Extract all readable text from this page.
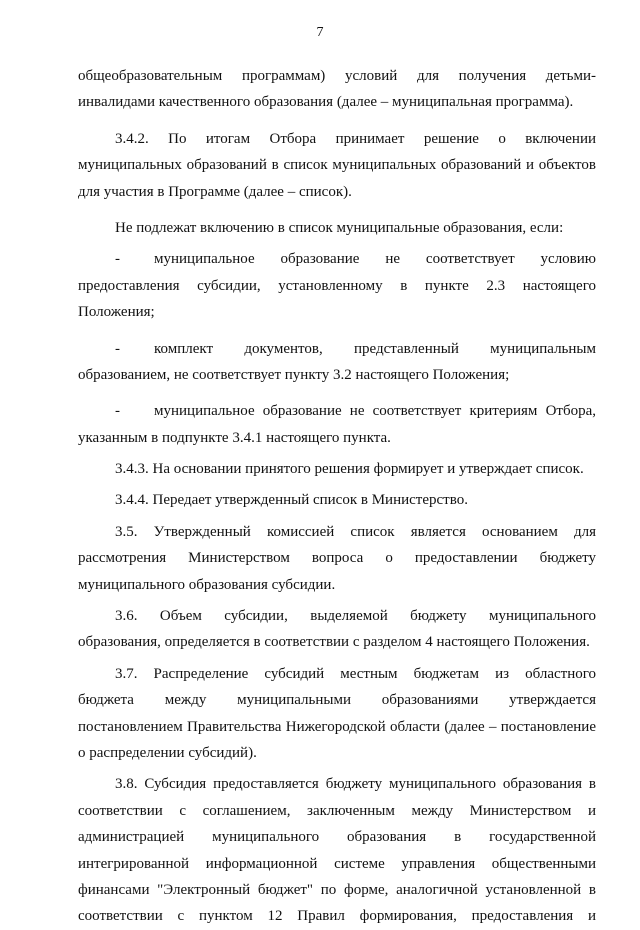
7
общеобразовательным программам) условий для получения детьми-
инвалидами качественного образования (далее – муниципальная программа).
3.4.2. По итогам Отбора принимает решение о включении
муниципальных образований в список муниципальных образований и объектов
для участия в Программе (далее – список).
Не подлежат включению в список муниципальные образования, если:
-	муниципальное образование не соответствует условию
предоставления субсидии, установленному в пункте 2.3 настоящего
Положения;
-	комплект документов, представленный муниципальным
образованием, не соответствует пункту 3.2 настоящего Положения;
-	муниципальное образование не соответствует критериям Отбора,
указанным в подпункте 3.4.1 настоящего пункта.
3.4.3. На основании принятого решения формирует и утверждает список.
3.4.4. Передает утвержденный список в Министерство.
3.5. Утвержденный комиссией список является основанием для
рассмотрения Министерством вопроса о предоставлении бюджету
муниципального образования субсидии.
3.6. Объем субсидии, выделяемой бюджету муниципального
образования, определяется в соответствии с разделом 4 настоящего Положения.
3.7. Распределение субсидий местным бюджетам из областного
бюджета между муниципальными образованиями утверждается
постановлением Правительства Нижегородской области (далее – постановление
о распределении субсидий).
3.8. Субсидия предоставляется бюджету муниципального образования в
соответствии с соглашением, заключенным между Министерством и
администрацией муниципального образования в государственной
интегрированной информационной системе управления общественными
финансами "Электронный бюджет" по форме, аналогичной установленной в
соответствии с пунктом 12 Правил формирования, предоставления и
